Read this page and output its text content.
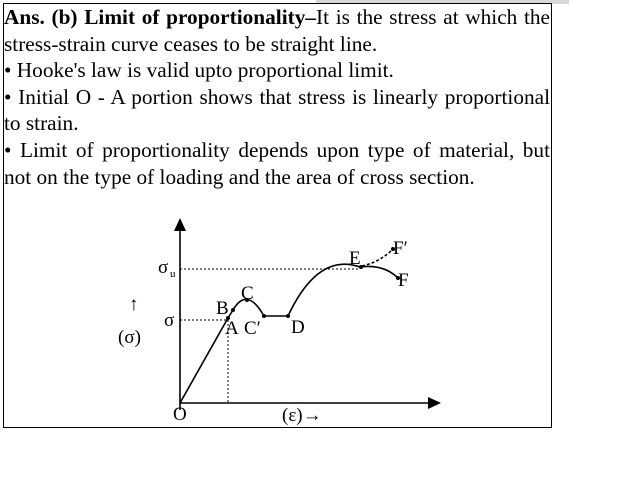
Ans. (b) Limit of proportionality–It is the stress at which the stress-strain curve ceases to be straight line.

• Hooke's law is valid upto proportional limit.

• Initial O - A portion shows that stress is linearly proportional to strain.

• Limit of proportionality depends upon type of material, but not on the type of loading and the area of cross section.

↑
(σ)
O	(ε)→
σ u
σ
B
C
A C′ D
E
F
F′
